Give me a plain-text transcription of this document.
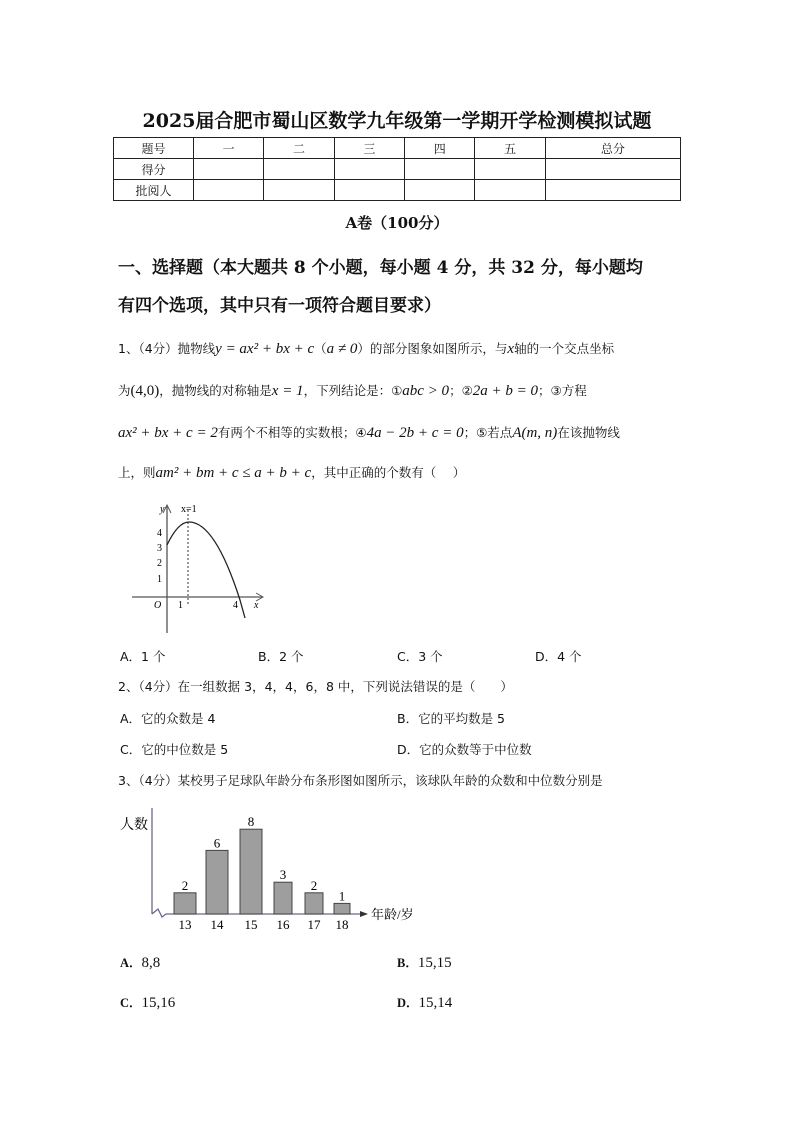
2025届合肥市蜀山区数学九年级第一学期开学检测模拟试题
题号	一	二	三	四	五	总分
得分						
批阅人						
A卷（100分）
一、选择题（本大题共 8 个小题，每小题 4 分，共 32 分，每小题均
有四个选项，其中只有一项符合题目要求）
1、（4分）抛物线y = ax² + bx + c（a ≠ 0）的部分图象如图所示，与x轴的一个交点坐标
为(4,0)，抛物线的对称轴是x = 1，下列结论是：①abc > 0；②2a + b = 0；③方程
ax² + bx + c = 2有两个不相等的实数根；④4a − 2b + c = 0；⑤若点A(m, n)在该抛物线
上，则am² + bm + c ≤ a + b + c，其中正确的个数有（　 ）
y
x
x=1
O
1
2
3
4
1	4
A．1 个	B．2 个	C．3 个	D．4 个
2、（4分）在一组数据 3，4，4，6，8 中，下列说法错误的是（　　）
A．它的众数是 4	B．它的平均数是 5
C．它的中位数是 5	D．它的众数等于中位数
3、（4分）某校男子足球队年龄分布条形图如图所示，该球队年龄的众数和中位数分别是
人数
年龄/岁
2
13
6
14
8
15
3
16
2
17
1
18
A．8,8	B．15,15
C．15,16	D．15,14
